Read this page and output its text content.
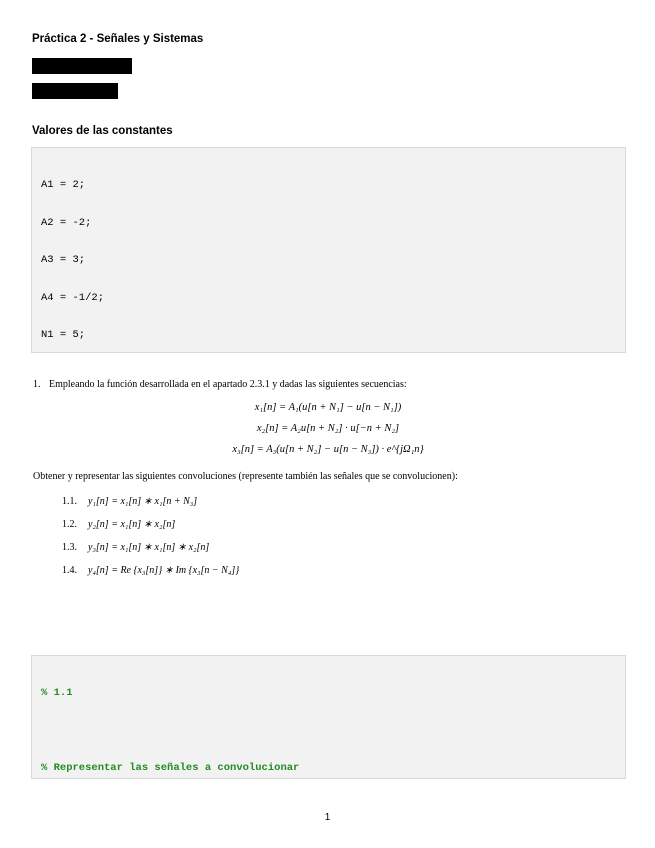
Práctica 2 - Señales y Sistemas
Valores de las constantes

A1 = 2;

A2 = -2;

A3 = 3;

A4 = -1/2;

N1 = 5;

1. Empleando la función desarrollada en el apartado 2.3.1 y dadas las siguientes secuencias:
x₁[n] = A₁(u[n + N₁] − u[n − N₁])
x₂[n] = A₂u[n + N₂] · u[−n + N₂]
x₃[n] = A₃(u[n + N₂] − u[n − N₃]) · e^{jΩ₁n}
Obtener y representar las siguientes convoluciones (represente también las señales que se convolucionen):
1.1.	y₁[n] = x₁[n] ∗ x₁[n + N₃]
1.2.	y₂[n] = x₁[n] ∗ x₂[n]
1.3.	y₃[n] = x₁[n] ∗ x₁[n] ∗ x₂[n]
1.4.	y₄[n] = Re {x₃[n]} ∗ Im {x₃[n − N₄]}

% 1.1

% Representar las señales a convolucionar

1
